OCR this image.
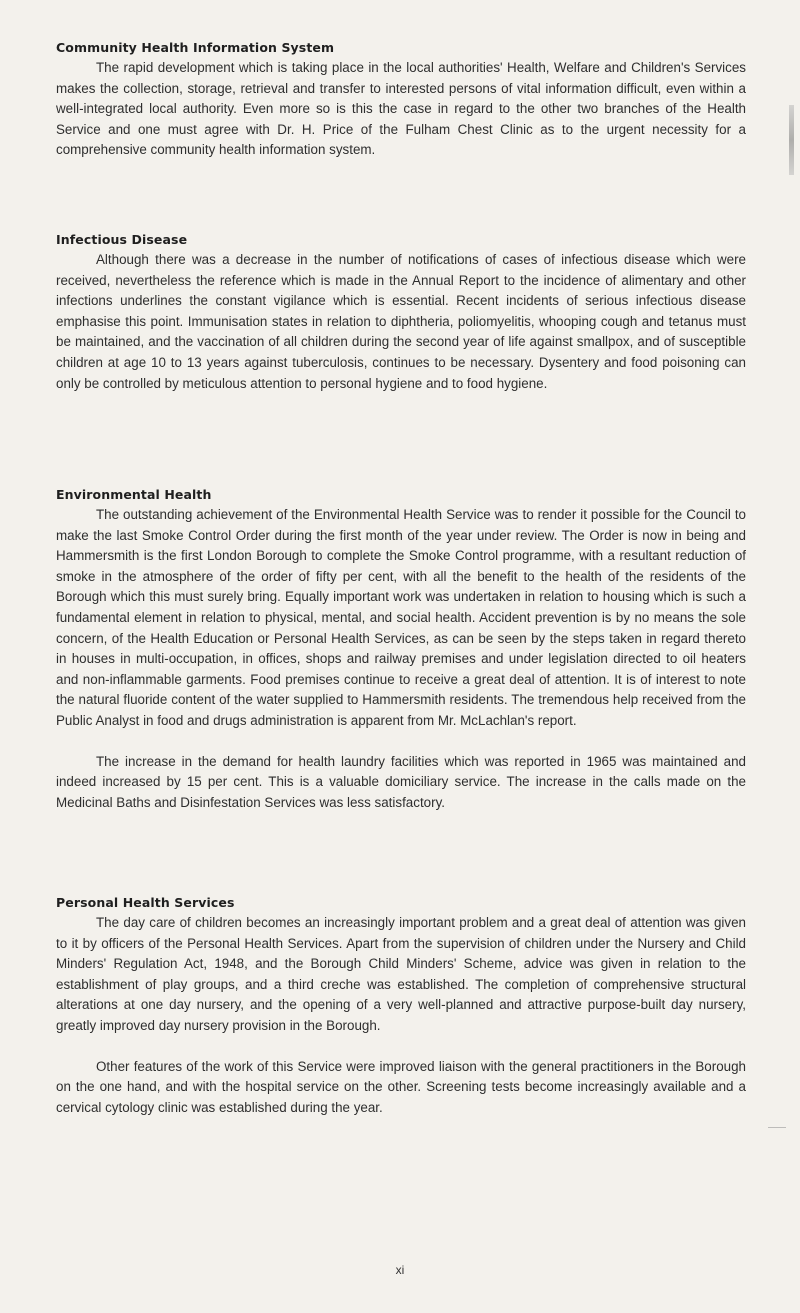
Community Health Information System

The rapid development which is taking place in the local authorities' Health, Welfare and Children's Services makes the collection, storage, retrieval and transfer to interested persons of vital information difficult, even within a well-integrated local authority. Even more so is this the case in regard to the other two branches of the Health Service and one must agree with Dr. H. Price of the Fulham Chest Clinic as to the urgent necessity for a comprehensive community health information system.

Infectious Disease

Although there was a decrease in the number of notifications of cases of infectious disease which were received, nevertheless the reference which is made in the Annual Report to the incidence of alimentary and other infections underlines the constant vigilance which is essential. Recent incidents of serious infectious disease emphasise this point. Immunisation states in relation to diphtheria, poliomyelitis, whooping cough and tetanus must be maintained, and the vaccination of all children during the second year of life against smallpox, and of susceptible children at age 10 to 13 years against tuberculosis, continues to be necessary. Dysentery and food poisoning can only be controlled by meticulous attention to personal hygiene and to food hygiene.

Environmental Health

The outstanding achievement of the Environmental Health Service was to render it possible for the Council to make the last Smoke Control Order during the first month of the year under review. The Order is now in being and Hammersmith is the first London Borough to complete the Smoke Control programme, with a resultant reduction of smoke in the atmosphere of the order of fifty per cent, with all the benefit to the health of the residents of the Borough which this must surely bring. Equally important work was undertaken in relation to housing which is such a fundamental element in relation to physical, mental, and social health. Accident prevention is by no means the sole concern, of the Health Education or Personal Health Services, as can be seen by the steps taken in regard thereto in houses in multi-occupation, in offices, shops and railway premises and under legislation directed to oil heaters and non-inflammable garments. Food premises continue to receive a great deal of attention. It is of interest to note the natural fluoride content of the water supplied to Hammersmith residents. The tremendous help received from the Public Analyst in food and drugs administration is apparent from Mr. McLachlan's report.

The increase in the demand for health laundry facilities which was reported in 1965 was maintained and indeed increased by 15 per cent. This is a valuable domiciliary service. The increase in the calls made on the Medicinal Baths and Disinfestation Services was less satisfactory.

Personal Health Services

The day care of children becomes an increasingly important problem and a great deal of attention was given to it by officers of the Personal Health Services. Apart from the supervision of children under the Nursery and Child Minders' Regulation Act, 1948, and the Borough Child Minders' Scheme, advice was given in relation to the establishment of play groups, and a third creche was established. The completion of comprehensive structural alterations at one day nursery, and the opening of a very well-planned and attractive purpose-built day nursery, greatly improved day nursery provision in the Borough.

Other features of the work of this Service were improved liaison with the general practitioners in the Borough on the one hand, and with the hospital service on the other. Screening tests become increasingly available and a cervical cytology clinic was established during the year.

xi
